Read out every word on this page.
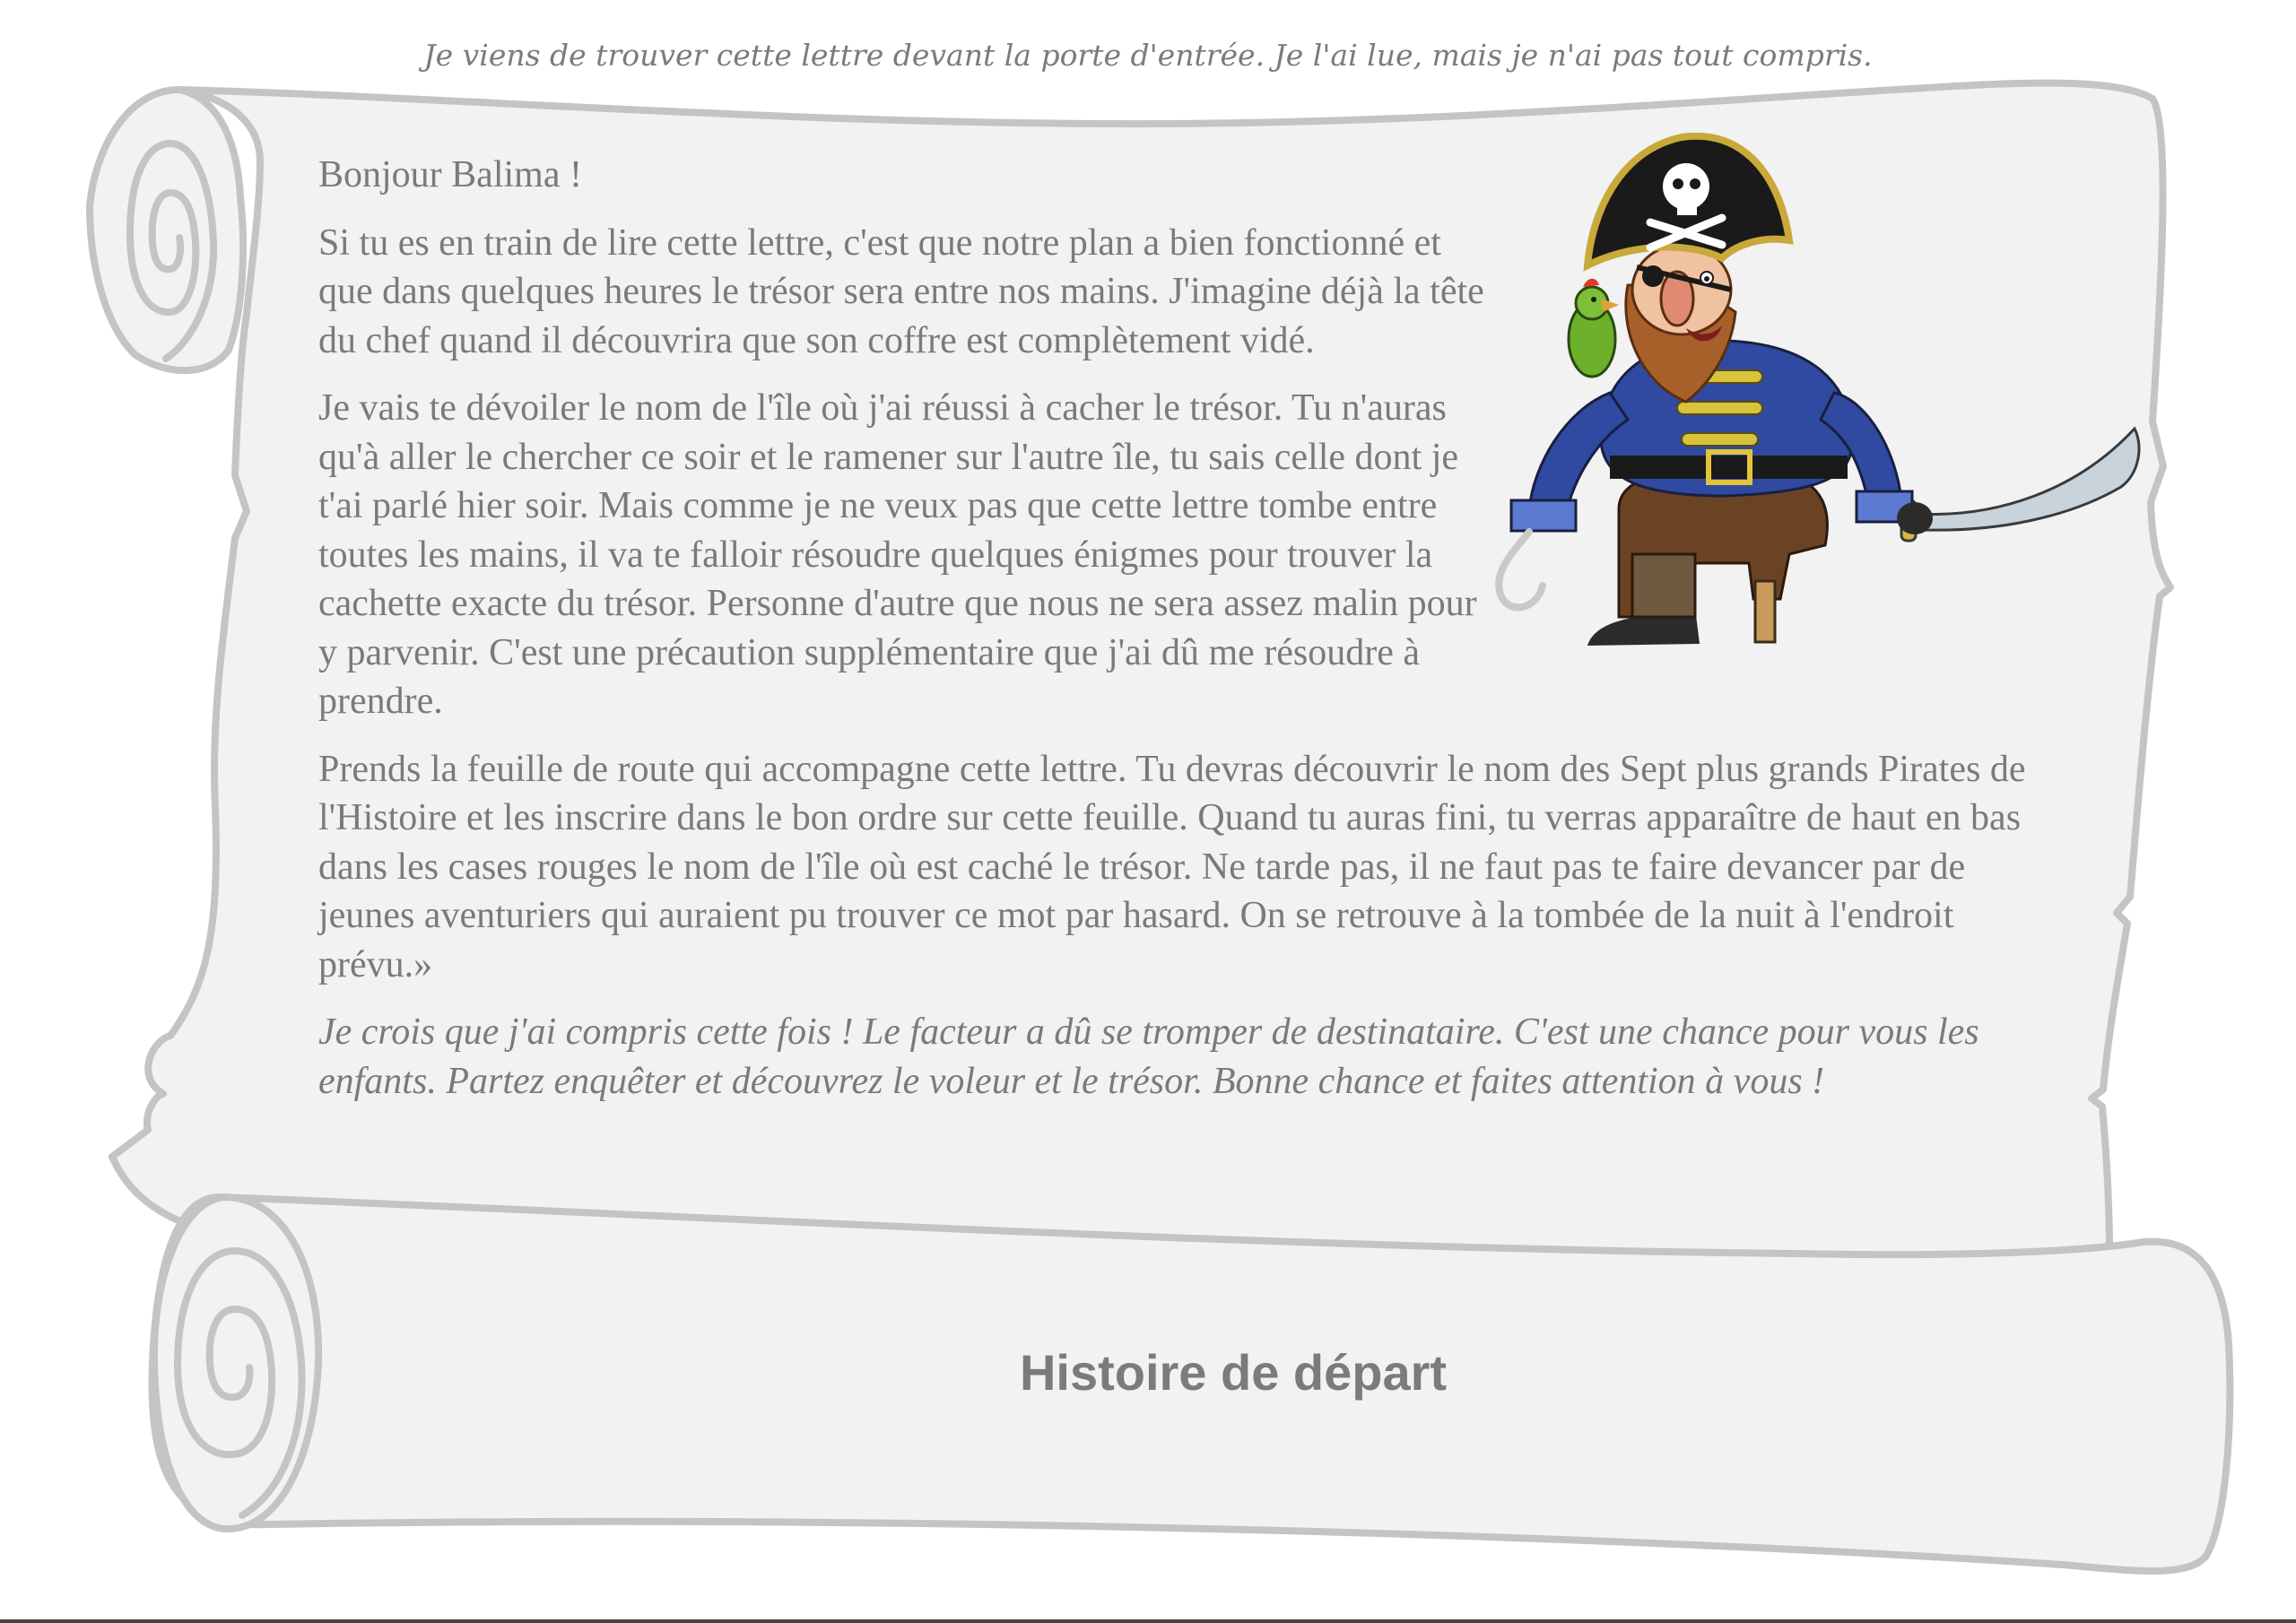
Je viens de trouver cette lettre devant la porte d'entrée. Je l'ai lue, mais je n'ai pas tout compris.

Bonjour Balima !

Si tu es en train de lire cette lettre, c'est que notre plan a bien fonctionné et que dans quelques heures le trésor sera entre nos mains. J'imagine déjà la tête du chef quand il découvrira que son coffre est complètement vidé.

Je vais te dévoiler le nom de l'île où j'ai réussi à cacher le trésor. Tu n'auras qu'à aller le chercher ce soir et le ramener sur l'autre île, tu sais celle dont je t'ai parlé hier soir. Mais comme je ne veux pas que cette lettre tombe entre toutes les mains, il va te falloir résoudre quelques énigmes pour trouver la cachette exacte du trésor. Personne d'autre que nous ne sera assez malin pour y parvenir. C'est une précaution supplémentaire que j'ai dû me résoudre à prendre.

Prends la feuille de route qui accompagne cette lettre. Tu devras découvrir le nom des Sept plus grands Pirates de l'Histoire et les inscrire dans le bon ordre sur cette feuille. Quand tu auras fini, tu verras apparaître de haut en bas dans les cases rouges le nom de l'île où est caché le trésor. Ne tarde pas, il ne faut pas te faire devancer par de jeunes aventuriers qui auraient pu trouver ce mot par hasard. On se retrouve à la tombée de la nuit à l'endroit prévu.»

Je crois que j'ai compris cette fois ! Le facteur a dû se tromper de destinataire. C'est une chance pour vous les enfants. Partez enquêter et découvrez le voleur et le trésor. Bonne chance et faites attention à vous !

Histoire de départ
